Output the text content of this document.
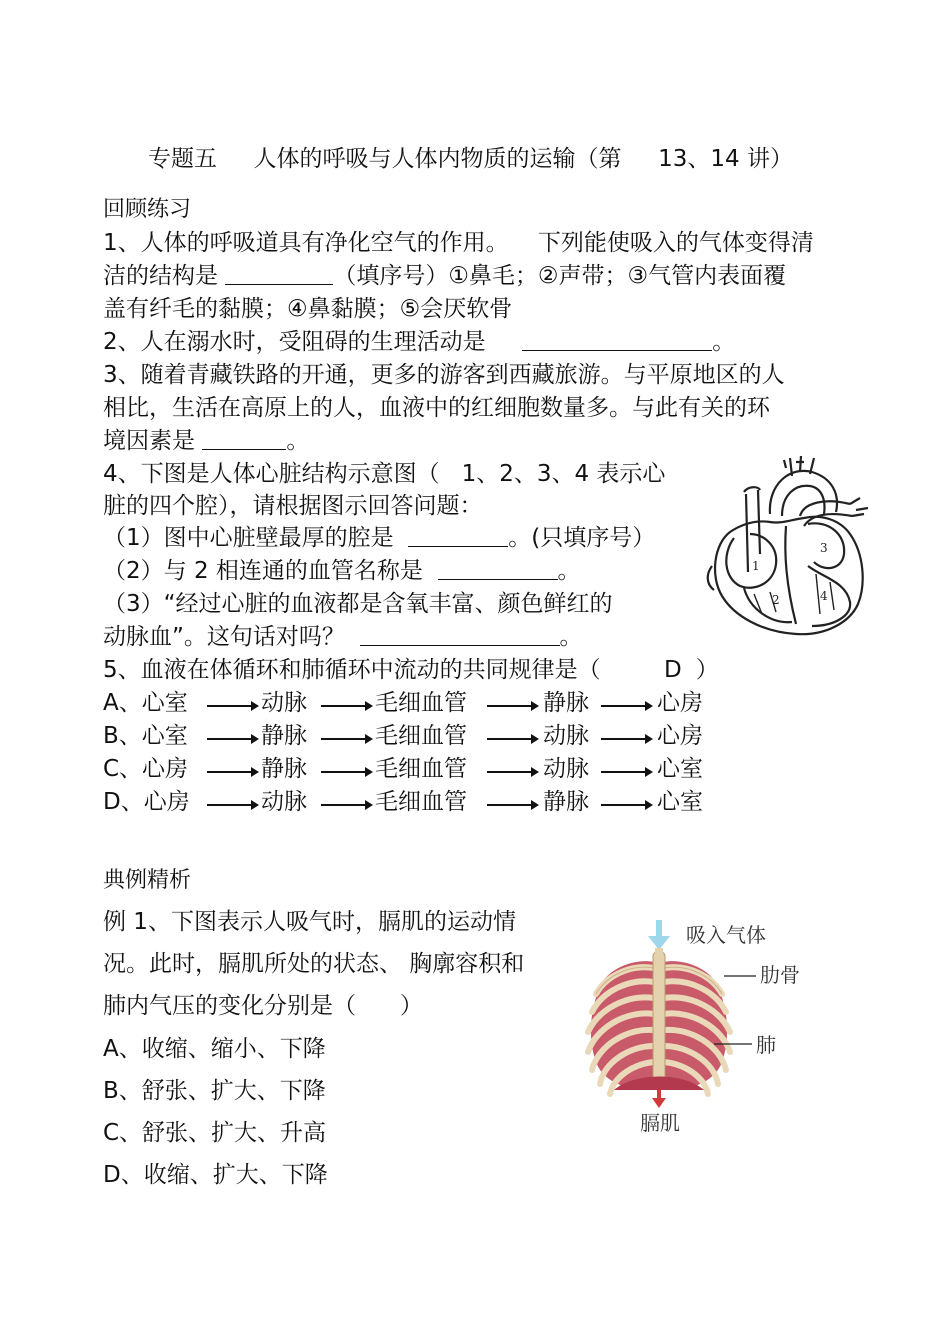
专题五     人体的呼吸与人体内物质的运输（第     13、14 讲）
回顾练习
1、人体的呼吸道具有净化空气的作用。    下列能使吸入的气体变得清
洁的结构是	（填序号）①鼻毛；②声带；③气管内表面覆
盖有纤毛的黏膜；④鼻黏膜；⑤会厌软骨
2、人在溺水时，受阻碍的生理活动是	。
3、随着青藏铁路的开通，更多的游客到西藏旅游。与平原地区的人
相比，生活在高原上的人，血液中的红细胞数量多。与此有关的环
境因素是	。
4、下图是人体心脏结构示意图（   1、2、3、4 表示心
脏的四个腔），请根据图示回答问题：
（1）图中心脏壁最厚的腔是	。(只填序号）
（2）与 2 相连通的血管名称是	。
（3）“经过心脏的血液都是含氧丰富、颜色鲜红的
动脉血”。这句话对吗？	。
1
3
2	4
5、血液在体循环和肺循环中流动的共同规律是（	D ）
A、心室	动脉	毛细血管	静脉	心房
B、心室	静脉	毛细血管	动脉	心房
C、心房	静脉	毛细血管	动脉	心室
D、心房	动脉	毛细血管	静脉	心室
典例精析
例 1、下图表示人吸气时，膈肌的运动情
况。此时，膈肌所处的状态、 胸廓容积和
肺内气压的变化分别是（      ）
A、收缩、缩小、下降
B、舒张、扩大、下降
C、舒张、扩大、升高
D、收缩、扩大、下降
吸入气体
肋骨
肺
膈肌
